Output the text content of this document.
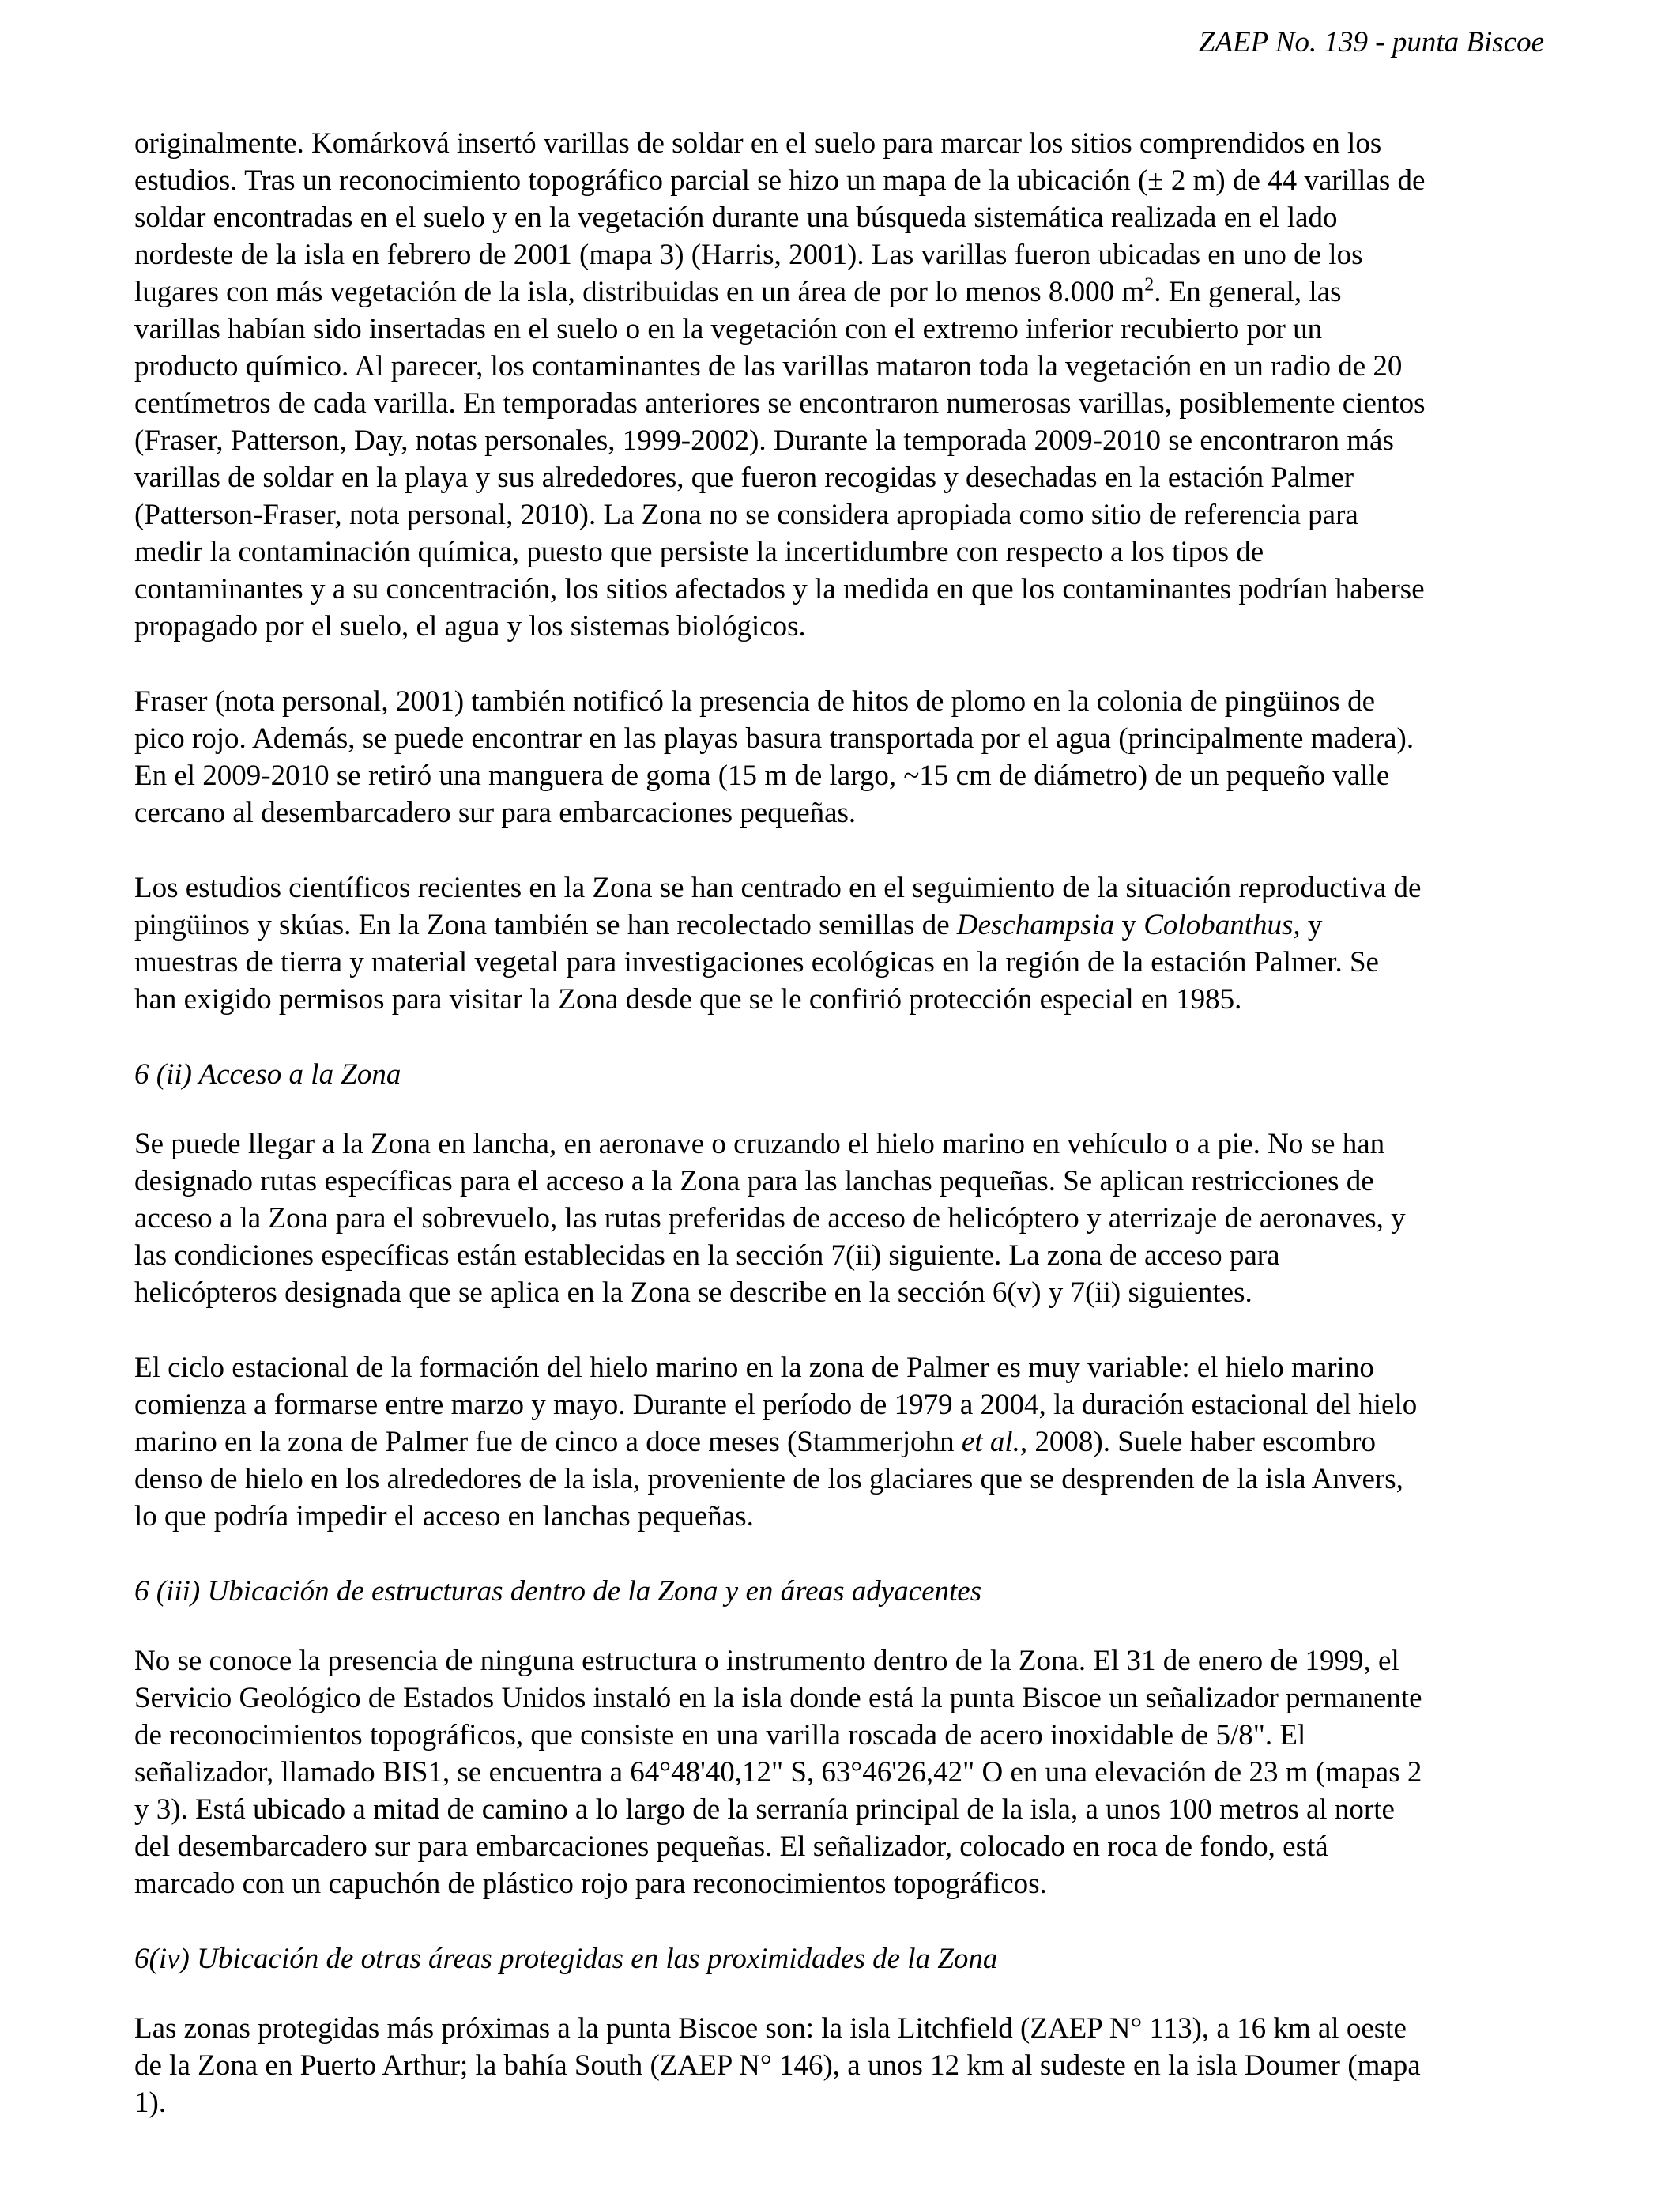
ZAEP No. 139 - punta Biscoe

originalmente. Komárková insertó varillas de soldar en el suelo para marcar los sitios comprendidos en los
estudios. Tras un reconocimiento topográfico parcial se hizo un mapa de la ubicación (± 2 m) de 44 varillas de
soldar encontradas en el suelo y en la vegetación durante una búsqueda sistemática realizada en el lado
nordeste de la isla en febrero de 2001 (mapa 3) (Harris, 2001). Las varillas fueron ubicadas en uno de los
lugares con más vegetación de la isla, distribuidas en un área de por lo menos 8.000 $m^2$. En general, las
varillas habían sido insertadas en el suelo o en la vegetación con el extremo inferior recubierto por un
producto químico. Al parecer, los contaminantes de las varillas mataron toda la vegetación en un radio de 20
centímetros de cada varilla. En temporadas anteriores se encontraron numerosas varillas, posiblemente cientos
(Fraser, Patterson, Day, notas personales, 1999-2002). Durante la temporada 2009-2010 se encontraron más
varillas de soldar en la playa y sus alrededores, que fueron recogidas y desechadas en la estación Palmer
(Patterson-Fraser, nota personal, 2010). La Zona no se considera apropiada como sitio de referencia para
medir la contaminación química, puesto que persiste la incertidumbre con respecto a los tipos de
contaminantes y a su concentración, los sitios afectados y la medida en que los contaminantes podrían haberse
propagado por el suelo, el agua y los sistemas biológicos.

Fraser (nota personal, 2001) también notificó la presencia de hitos de plomo en la colonia de pingüinos de
pico rojo. Además, se puede encontrar en las playas basura transportada por el agua (principalmente madera).
En el 2009-2010 se retiró una manguera de goma (15 m de largo, ~15 cm de diámetro) de un pequeño valle
cercano al desembarcadero sur para embarcaciones pequeñas.

Los estudios científicos recientes en la Zona se han centrado en el seguimiento de la situación reproductiva de
pingüinos y skúas. En la Zona también se han recolectado semillas de Deschampsia y Colobanthus, y
muestras de tierra y material vegetal para investigaciones ecológicas en la región de la estación Palmer. Se
han exigido permisos para visitar la Zona desde que se le confirió protección especial en 1985.

6 (ii) Acceso a la Zona

Se puede llegar a la Zona en lancha, en aeronave o cruzando el hielo marino en vehículo o a pie. No se han
designado rutas específicas para el acceso a la Zona para las lanchas pequeñas. Se aplican restricciones de
acceso a la Zona para el sobrevuelo, las rutas preferidas de acceso de helicóptero y aterrizaje de aeronaves, y
las condiciones específicas están establecidas en la sección 7(ii) siguiente. La zona de acceso para
helicópteros designada que se aplica en la Zona se describe en la sección 6(v) y 7(ii) siguientes.

El ciclo estacional de la formación del hielo marino en la zona de Palmer es muy variable: el hielo marino
comienza a formarse entre marzo y mayo. Durante el período de 1979 a 2004, la duración estacional del hielo
marino en la zona de Palmer fue de cinco a doce meses (Stammerjohn et al., 2008). Suele haber escombro
denso de hielo en los alrededores de la isla, proveniente de los glaciares que se desprenden de la isla Anvers,
lo que podría impedir el acceso en lanchas pequeñas.

6 (iii) Ubicación de estructuras dentro de la Zona y en áreas adyacentes

No se conoce la presencia de ninguna estructura o instrumento dentro de la Zona. El 31 de enero de 1999, el
Servicio Geológico de Estados Unidos instaló en la isla donde está la punta Biscoe un señalizador permanente
de reconocimientos topográficos, que consiste en una varilla roscada de acero inoxidable de 5/8". El
señalizador, llamado BIS1, se encuentra a 64°48'40,12" S, 63°46'26,42" O en una elevación de 23 m (mapas 2
y 3). Está ubicado a mitad de camino a lo largo de la serranía principal de la isla, a unos 100 metros al norte
del desembarcadero sur para embarcaciones pequeñas. El señalizador, colocado en roca de fondo, está
marcado con un capuchón de plástico rojo para reconocimientos topográficos.

6(iv) Ubicación de otras áreas protegidas en las proximidades de la Zona

Las zonas protegidas más próximas a la punta Biscoe son: la isla Litchfield (ZAEP N° 113), a 16 km al oeste
de la Zona en Puerto Arthur; la bahía South (ZAEP N° 146), a unos 12 km al sudeste en la isla Doumer (mapa
1).
